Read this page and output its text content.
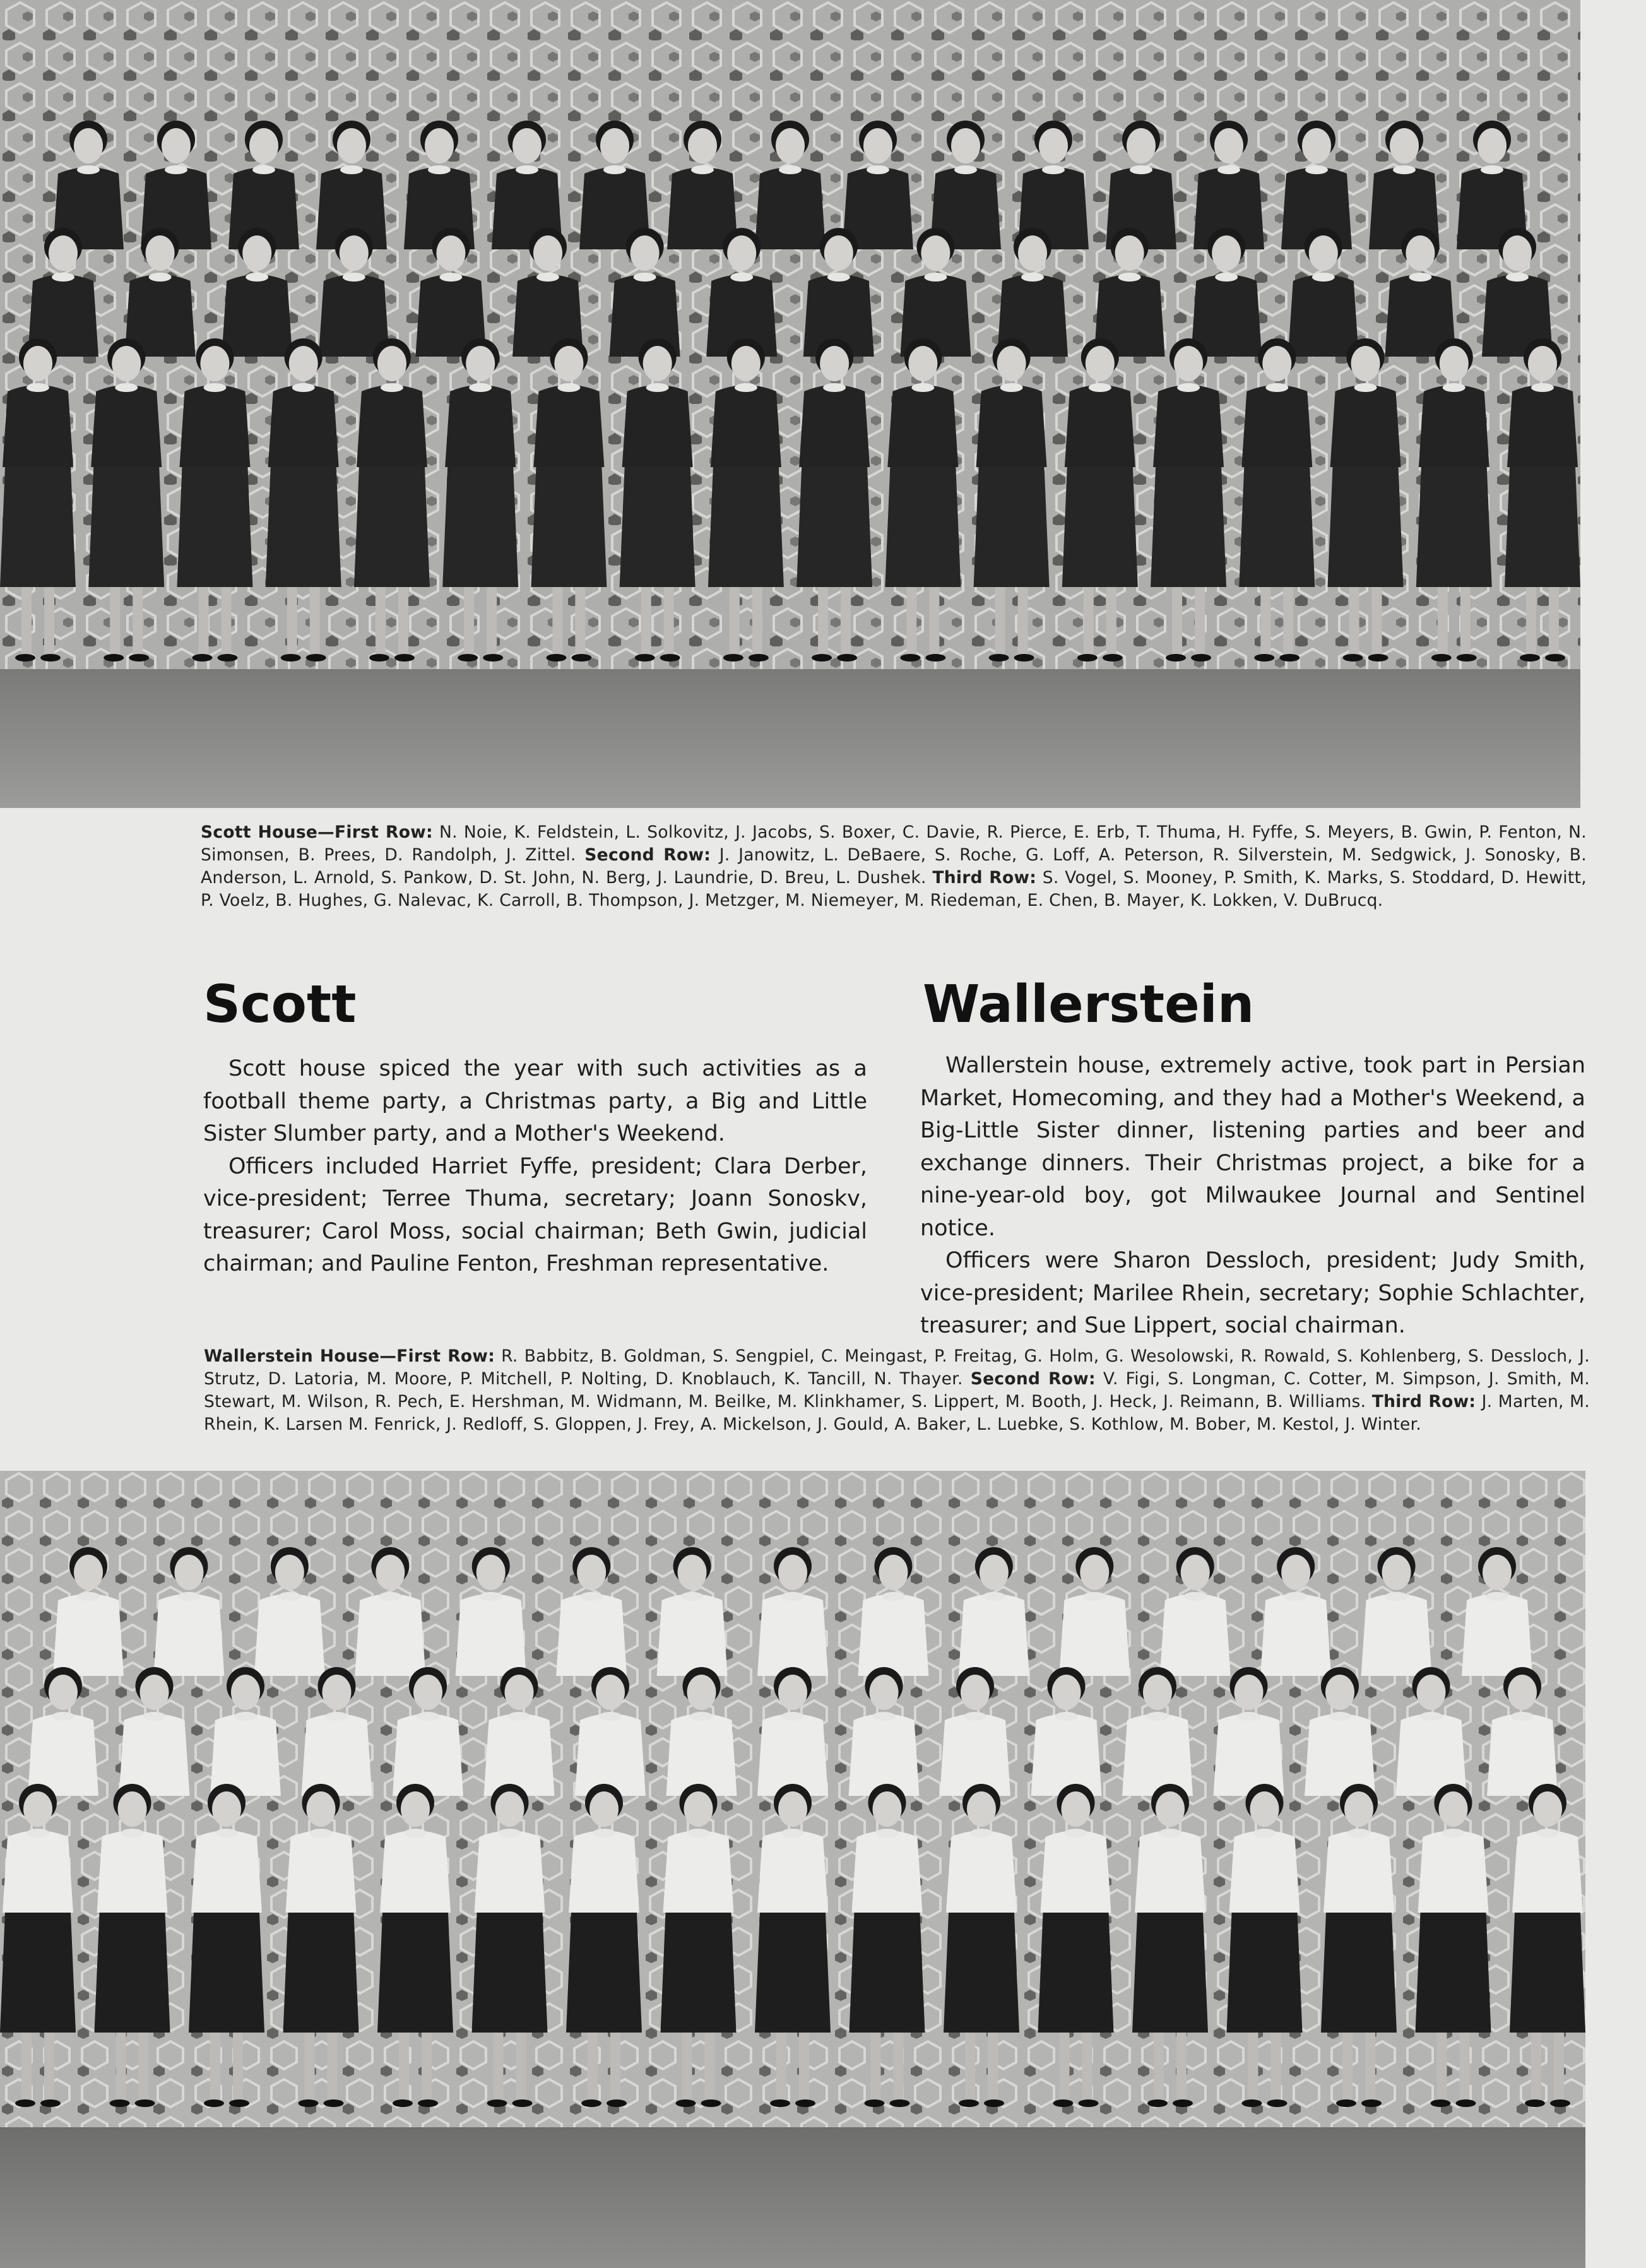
Scott House—First Row: N. Noie, K. Feldstein, L. Solkovitz, J. Jacobs, S. Boxer, C. Davie, R. Pierce, E. Erb, T. Thuma, H. Fyffe, S. Meyers, B. Gwin, P. Fenton, N. Simonsen, B. Prees, D. Randolph, J. Zittel. Second Row: J. Janowitz, L. DeBaere, S. Roche, G. Loff, A. Peterson, R. Silverstein, M. Sedgwick, J. Sonosky, B. Anderson, L. Arnold, S. Pankow, D. St. John, N. Berg, J. Laundrie, D. Breu, L. Dushek. Third Row: S. Vogel, S. Mooney, P. Smith, K. Marks, S. Stoddard, D. Hewitt, P. Voelz, B. Hughes, G. Nalevac, K. Carroll, B. Thompson, J. Metzger, M. Niemeyer, M. Riedeman, E. Chen, B. Mayer, K. Lokken, V. DuBrucq.

Scott	Wallerstein

Scott house spiced the year with such activities as a football theme party, a Christmas party, a Big and Little Sister Slumber party, and a Mother's Weekend.

Officers included Harriet Fyffe, president; Clara Derber, vice-president; Terree Thuma, secretary; Joann Sonoskv, treasurer; Carol Moss, social chairman; Beth Gwin, judicial chairman; and Pauline Fenton, Freshman representative.

Wallerstein house, extremely active, took part in Persian Market, Homecoming, and they had a Mother's Weekend, a Big-Little Sister dinner, listening parties and beer and exchange dinners. Their Christmas project, a bike for a nine-year-old boy, got Milwaukee Journal and Sentinel notice.

Officers were Sharon Dessloch, president; Judy Smith, vice-president; Marilee Rhein, secretary; Sophie Schlachter, treasurer; and Sue Lippert, social chairman.

Wallerstein House—First Row: R. Babbitz, B. Goldman, S. Sengpiel, C. Meingast, P. Freitag, G. Holm, G. Wesolowski, R. Rowald, S. Kohlenberg, S. Dessloch, J. Strutz, D. Latoria, M. Moore, P. Mitchell, P. Nolting, D. Knoblauch, K. Tancill, N. Thayer. Second Row: V. Figi, S. Longman, C. Cotter, M. Simpson, J. Smith, M. Stewart, M. Wilson, R. Pech, E. Hershman, M. Widmann, M. Beilke, M. Klinkhamer, S. Lippert, M. Booth, J. Heck, J. Reimann, B. Williams. Third Row: J. Marten, M. Rhein, K. Larsen M. Fenrick, J. Redloff, S. Gloppen, J. Frey, A. Mickelson, J. Gould, A. Baker, L. Luebke, S. Kothlow, M. Bober, M. Kestol, J. Winter.
